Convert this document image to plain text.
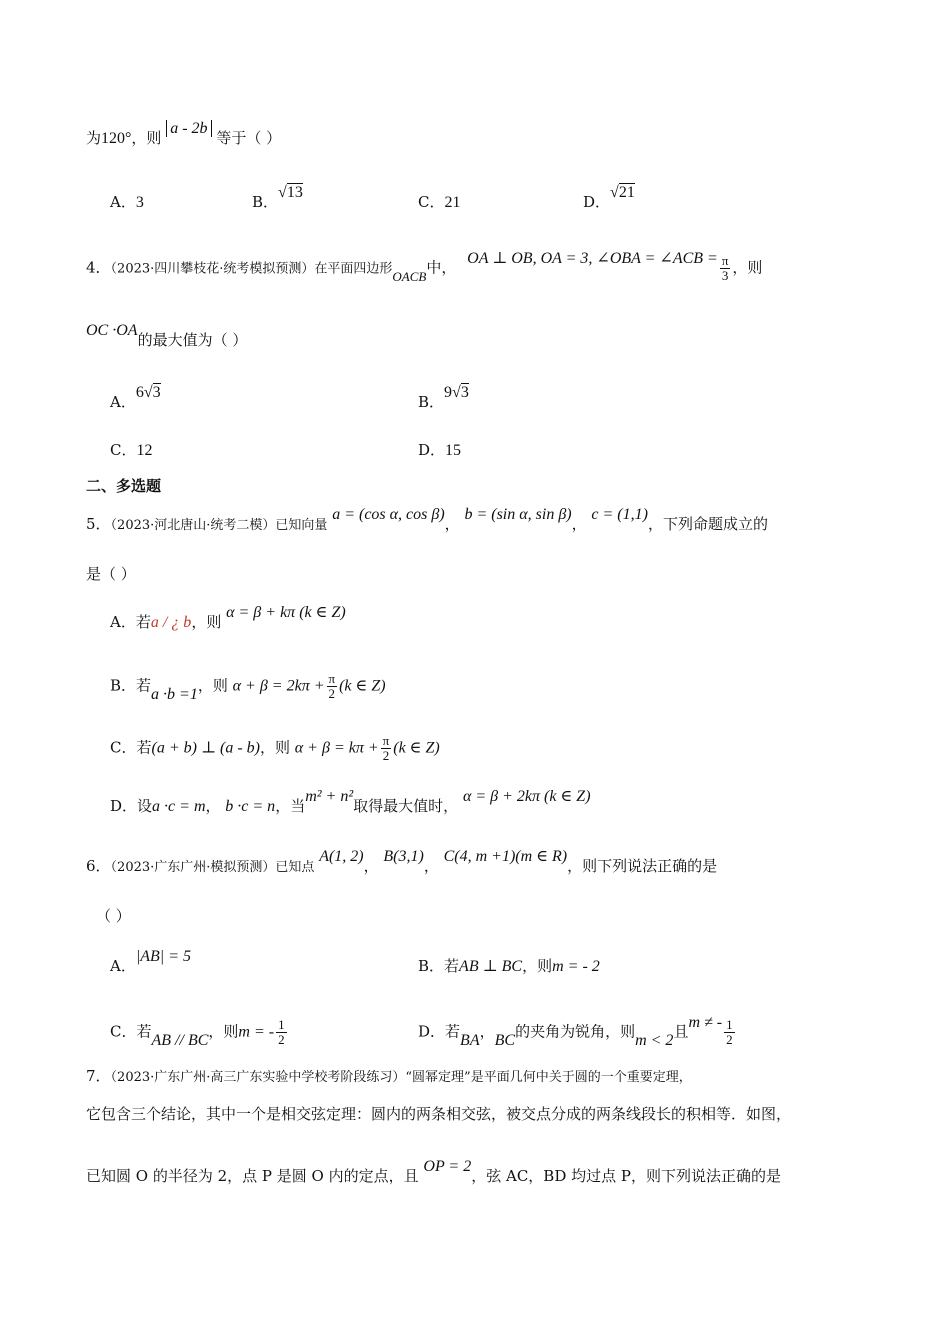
为120°，则 a - 2b 等于（ ）
A．3	B．√13
C．21	D．√21
4．（2023·四川攀枝花·统考模拟预测）在平面四边形OACB中， OA ⊥ OB, OA = 3, ∠OBA = ∠ACB = $\frac{\pi}{3}$ ，则
OC ·OA的最大值为（ ）
A．6√3
B．9√3
C．12	D．15
二、多选题
5．（2023·河北唐山·统考二模）已知向量 a = (cos α, cos β)， b = (sin α, sin β)， c = (1,1)，下列命题成立的
是（ ）
A．若a / ¿ b，则 α = β + kπ (k ∈ Z)
B．若a ·b =1，则 $\alpha + \beta = 2k\pi + \frac{\pi}{2} (k$ ∈ Z)
C．若(a + b) ⊥ (a - b)，则 $\alpha + \beta = k\pi + \frac{\pi}{2} (k$ ∈ Z)
D．设a ·c = m， b ·c = n，当m² + n²取得最大值时， α = β + 2kπ (k ∈ Z)
6．（2023·广东广州·模拟预测）已知点 A(1, 2)， B(3,1)， C(4, m +1)(m ∈ R)，则下列说法正确的是
（ ）
A．|AB| = 5
B．若AB ⊥ BC，则m = - 2
C．若AB // BC，则m = - $\frac{1}{2}$	D．若BA，BC的夹角为锐角，则m < 2且m ≠ - $\frac{1}{2}$
7．（2023·广东广州·高三广东实验中学校考阶段练习）“圆幂定理”是平面几何中关于圆的一个重要定理，
它包含三个结论，其中一个是相交弦定理：圆内的两条相交弦，被交点分成的两条线段长的积相等．如图，
已知圆 O 的半径为 2，点 P 是圆 O 内的定点，且 OP = 2，弦 AC，BD 均过点 P，则下列说法正确的是
